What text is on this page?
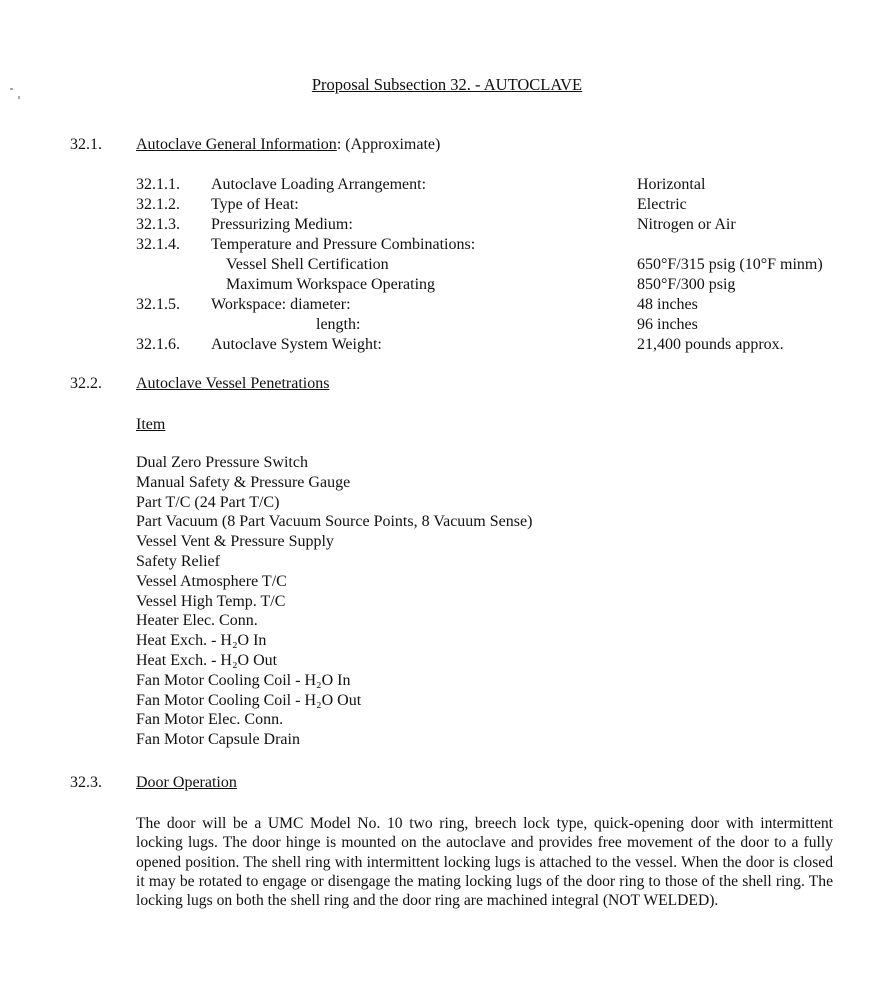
Proposal Subsection 32. - AUTOCLAVE
32.1. Autoclave General Information: (Approximate)
32.1.1. Autoclave Loading Arrangement:	Horizontal
32.1.2. Type of Heat:	Electric
32.1.3. Pressurizing Medium:	Nitrogen or Air
32.1.4. Temperature and Pressure Combinations:
Vessel Shell Certification	650°F/315 psig (10°F minm)
Maximum Workspace Operating	850°F/300 psig
32.1.5. Workspace: diameter:	48 inches
length:	96 inches
32.1.6. Autoclave System Weight:	21,400 pounds approx.
32.2. Autoclave Vessel Penetrations
Item
Dual Zero Pressure Switch
Manual Safety & Pressure Gauge
Part T/C (24 Part T/C)
Part Vacuum (8 Part Vacuum Source Points, 8 Vacuum Sense)
Vessel Vent & Pressure Supply
Safety Relief
Vessel Atmosphere T/C
Vessel High Temp. T/C
Heater Elec. Conn.
Heat Exch. - H₂O In
Heat Exch. - H₂O Out
Fan Motor Cooling Coil - H₂O In
Fan Motor Cooling Coil - H₂O Out
Fan Motor Elec. Conn.
Fan Motor Capsule Drain
32.3. Door Operation

The door will be a UMC Model No. 10 two ring, breech lock type, quick-opening door with intermittent locking lugs. The door hinge is mounted on the autoclave and provides free movement of the door to a fully opened position. The shell ring with intermittent locking lugs is attached to the vessel. When the door is closed it may be rotated to engage or disengage the mating locking lugs of the door ring to those of the shell ring. The locking lugs on both the shell ring and the door ring are machined integral (NOT WELDED).
